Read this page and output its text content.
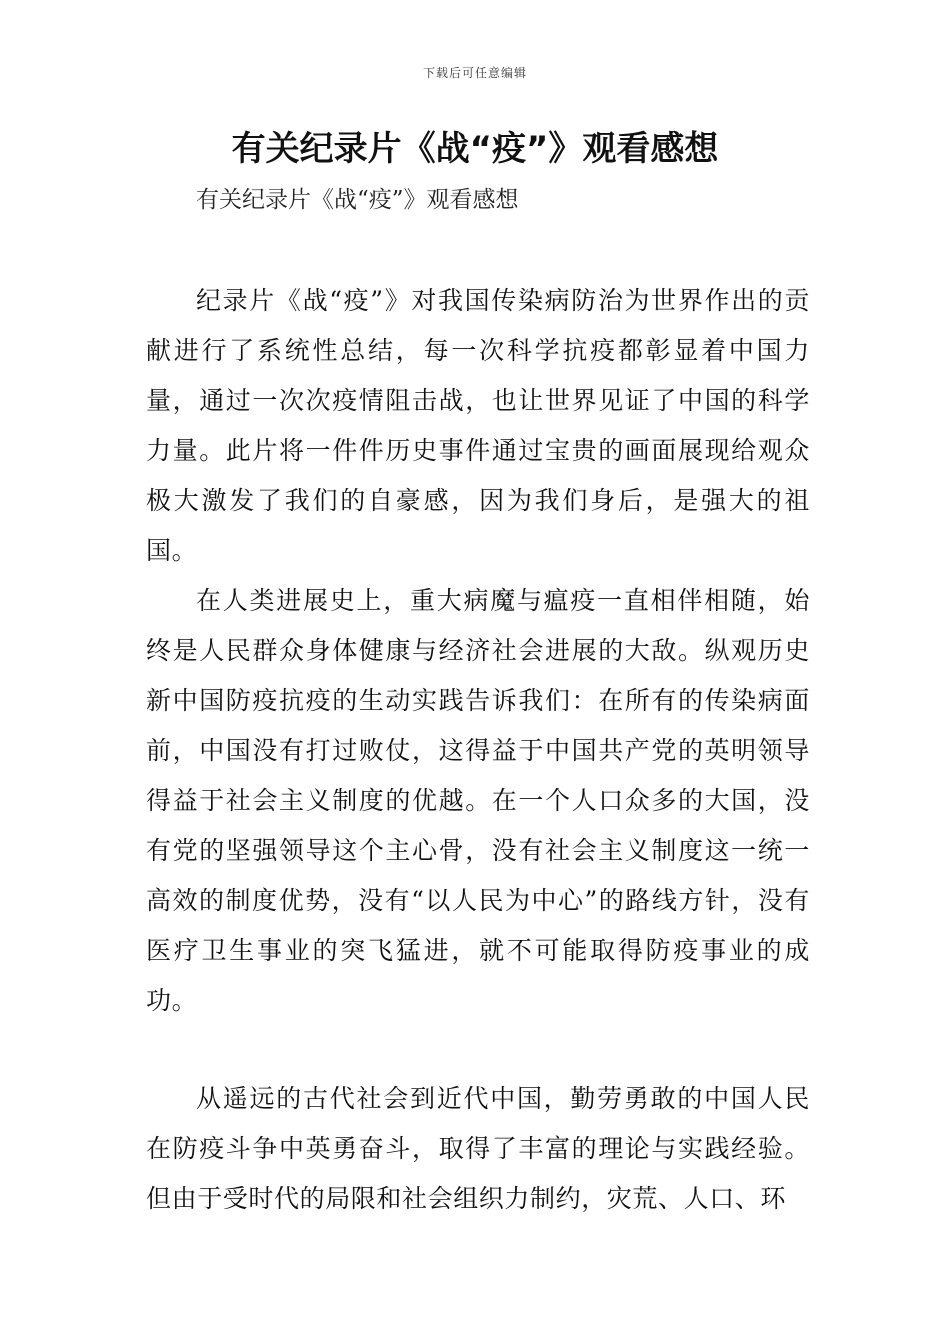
下载后可任意编辑
有关纪录片《战“疫”》观看感想
有关纪录片《战“疫”》观看感想

纪录片《战“疫”》对我国传染病防治为世界作出的贡献进行了系统性总结，每一次科学抗疫都彰显着中国力量，通过一次次疫情阻击战，也让世界见证了中国的科学力量。此片将一件件历史事件通过宝贵的画面展现给观众极大激发了我们的自豪感，因为我们身后，是强大的祖国。

在人类进展史上，重大病魔与瘟疫一直相伴相随，始终是人民群众身体健康与经济社会进展的大敌。纵观历史新中国防疫抗疫的生动实践告诉我们：在所有的传染病面前，中国没有打过败仗，这得益于中国共产党的英明领导得益于社会主义制度的优越。在一个人口众多的大国，没有党的坚强领导这个主心骨，没有社会主义制度这一统一高效的制度优势，没有“以人民为中心”的路线方针，没有医疗卫生事业的突飞猛进，就不可能取得防疫事业的成功。

从遥远的古代社会到近代中国，勤劳勇敢的中国人民在防疫斗争中英勇奋斗，取得了丰富的理论与实践经验。但由于受时代的局限和社会组织力制约，灾荒、人口、环
